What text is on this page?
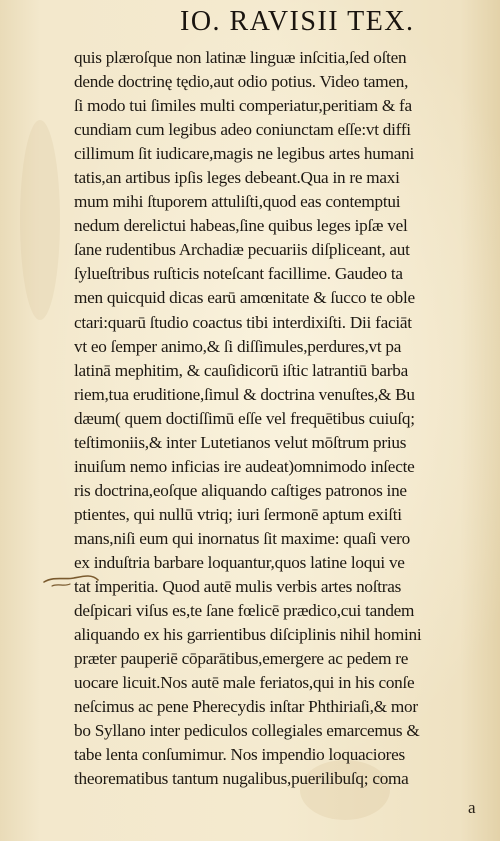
IO. RAVISII TEX.
quis plæroſque non latinæ linguæ inſcitia,ſed oſten
dende doctrinę tędio,aut odio potius. Video tamen,
ſi modo tui ſimiles multi comperiatur,peritiam & fa
cundiam cum legibus adeo coniunctam eſſe:vt diffi
cillimum ſit iudicare,magis ne legibus artes humani
tatis,an artibus ipſis leges debeant.Qua in re maxi
mum mihi ſtuporem attuliſti,quod eas contemptui
nedum derelictui habeas,ſine quibus leges ipſæ vel
ſane rudentibus Archadiæ pecuariis diſpliceant, aut
ſylueſtribus ruſticis noteſcant facillime. Gaudeo ta
men quicquid dicas earū amœnitate & ſucco te oble
ctari:quarū ſtudio coactus tibi interdixiſti. Dii faciāt
vt eo ſemper animo,& ſi diſſimules,perdures,vt pa
latinā mephitim, & cauſidicorū iſtic latrantiū barba
riem,tua eruditione,ſimul & doctrina venuſtes,& Bu
dæum( quem doctiſſimū eſſe vel frequētibus cuiuſq;
teſtimoniis,& inter Lutetianos velut mōſtrum prius
inuiſum nemo inficias ire audeat)omnimodo inſecte
ris doctrina,eoſque aliquando caſtiges patronos ine
ptientes, qui nullū vtriq; iuri ſermonē aptum exiſti
mans,niſi eum qui inornatus ſit maxime: quaſi vero
ex induſtria barbare loquantur,quos latine loqui ve
tat imperitia. Quod autē mulis verbis artes noſtras
deſpicari viſus es,te ſane fœlicē prædico,cui tandem
aliquando ex his garrientibus diſciplinis nihil homini
præter pauperiē cōparātibus,emergere ac pedem re
uocare licuit.Nos autē male feriatos,qui in his conſe
neſcimus ac pene Pherecydis inſtar Phthiriaſi,& mor
bo Syllano inter pediculos collegiales emarcemus &
tabe lenta conſumimur. Nos impendio loquaciores
theorematibus tantum nugalibus,puerilibuſq; coma
a
